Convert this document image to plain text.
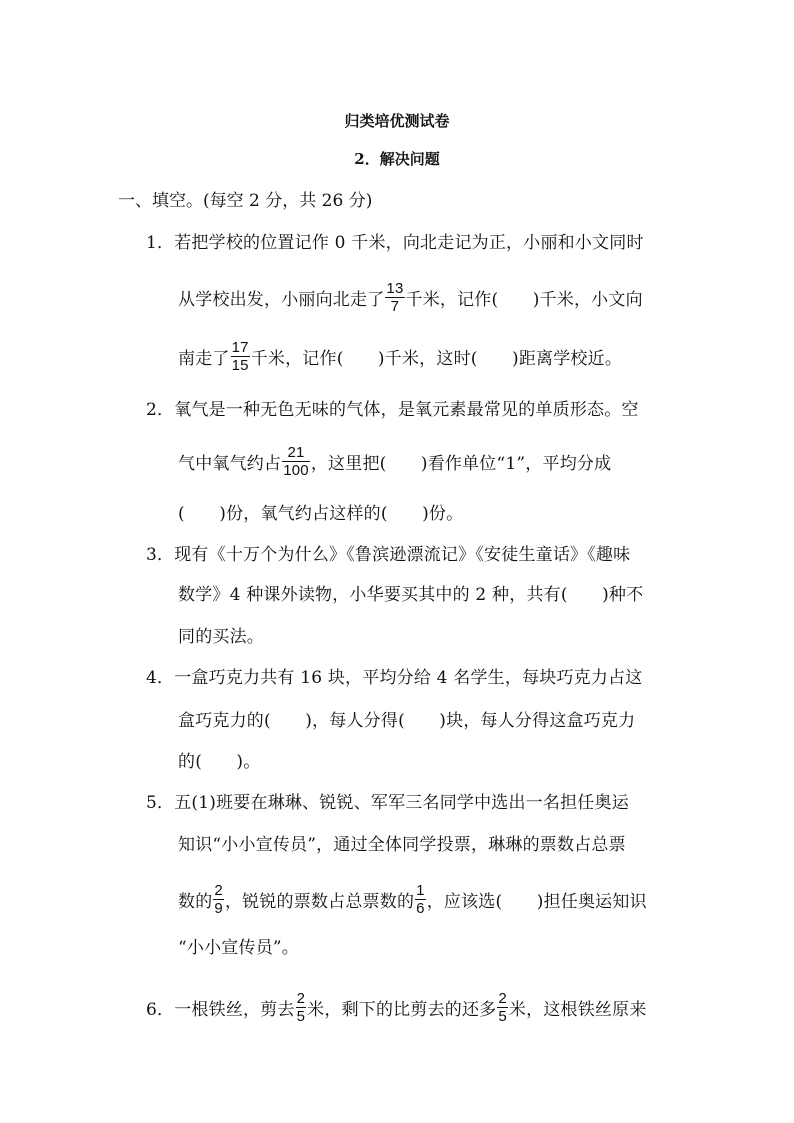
归类培优测试卷
2．解决问题
一、填空。(每空 2 分，共 26 分)
1．若把学校的位置记作 0 千米，向北走记为正，小丽和小文同时
从学校出发，小丽向北走了 $\frac{13}{7}$ 千米，记作(　　)千米，小文向
南走了 $\frac{17}{15}$ 千米，记作(　　)千米，这时(　　)距离学校近。
2．氧气是一种无色无味的气体，是氧元素最常见的单质形态。空
气中氧气约占 $\frac{21}{100}$ ，这里把(　　)看作单位“1”，平均分成
(　　)份，氧气约占这样的(　　)份。
3．现有《十万个为什么》《鲁滨逊漂流记》《安徒生童话》《趣味
数学》4 种课外读物，小华要买其中的 2 种，共有(　　)种不
同的买法。
4．一盒巧克力共有 16 块，平均分给 4 名学生，每块巧克力占这
盒巧克力的(　　)，每人分得(　　)块，每人分得这盒巧克力
的(　　)。
5．五(1)班要在琳琳、锐锐、军军三名同学中选出一名担任奥运
知识“小小宣传员”，通过全体同学投票，琳琳的票数占总票
数的 $\frac{2}{9}$ ，锐锐的票数占总票数的 $\frac{1}{6}$ ，应该选(　　)担任奥运知识
“小小宣传员”。
6．一根铁丝，剪去 $\frac{2}{5}$ 米，剩下的比剪去的还多 $\frac{2}{5}$ 米，这根铁丝原来
